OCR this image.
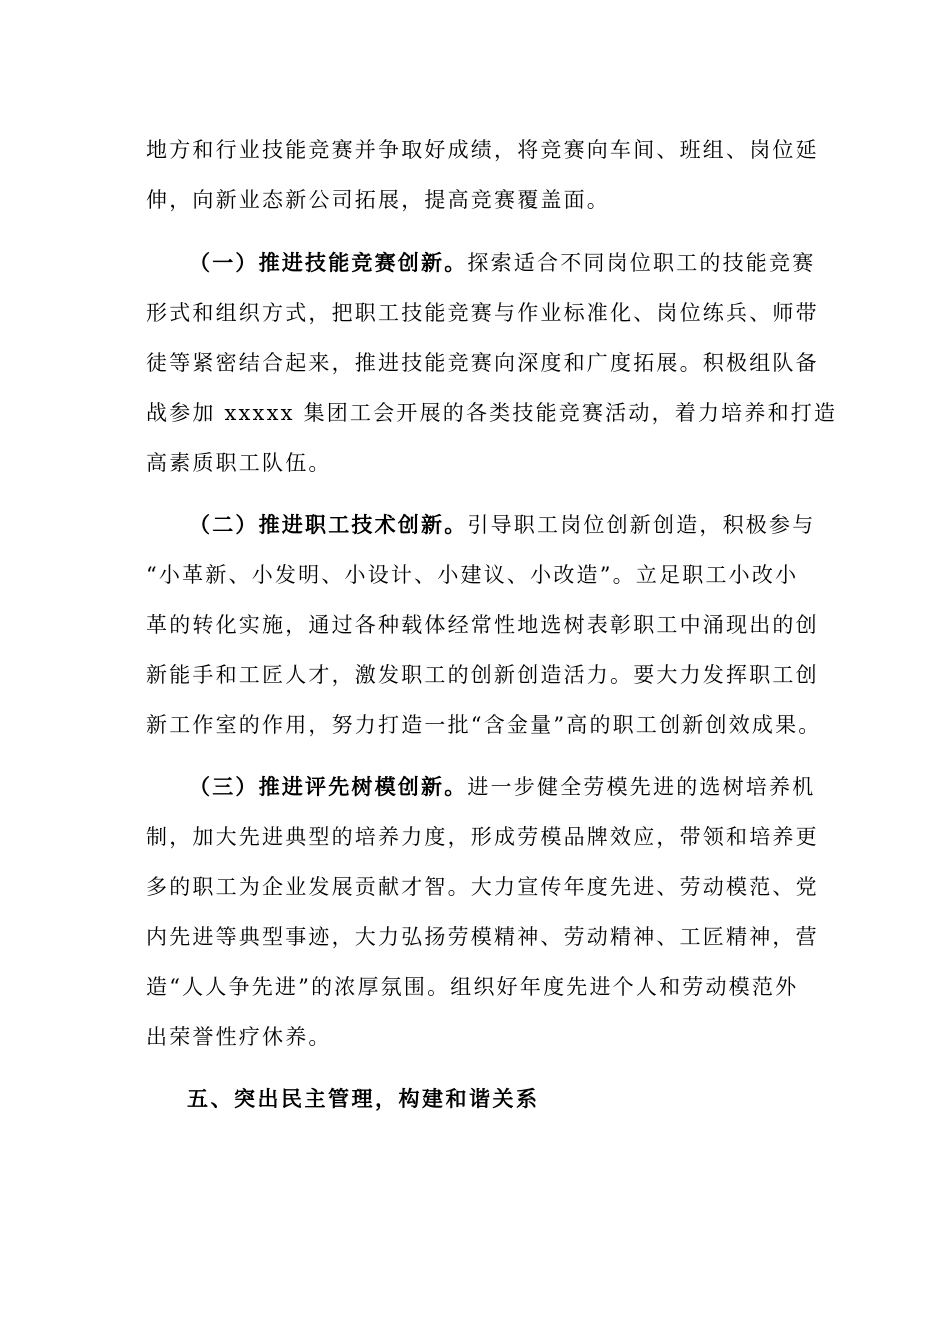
地方和行业技能竞赛并争取好成绩，将竞赛向车间、班组、岗位延
伸，向新业态新公司拓展，提高竞赛覆盖面。
（一）推进技能竞赛创新。探索适合不同岗位职工的技能竞赛
形式和组织方式，把职工技能竞赛与作业标准化、岗位练兵、师带
徒等紧密结合起来，推进技能竞赛向深度和广度拓展。积极组队备
战参加 xxxxx 集团工会开展的各类技能竞赛活动，着力培养和打造
高素质职工队伍。
（二）推进职工技术创新。引导职工岗位创新创造，积极参与
“小革新、小发明、小设计、小建议、小改造”。立足职工小改小
革的转化实施，通过各种载体经常性地选树表彰职工中涌现出的创
新能手和工匠人才，激发职工的创新创造活力。要大力发挥职工创
新工作室的作用，努力打造一批“含金量”高的职工创新创效成果。
（三）推进评先树模创新。进一步健全劳模先进的选树培养机
制，加大先进典型的培养力度，形成劳模品牌效应，带领和培养更
多的职工为企业发展贡献才智。大力宣传年度先进、劳动模范、党
内先进等典型事迹，大力弘扬劳模精神、劳动精神、工匠精神，营
造“人人争先进”的浓厚氛围。组织好年度先进个人和劳动模范外
出荣誉性疗休养。
五、突出民主管理，构建和谐关系
